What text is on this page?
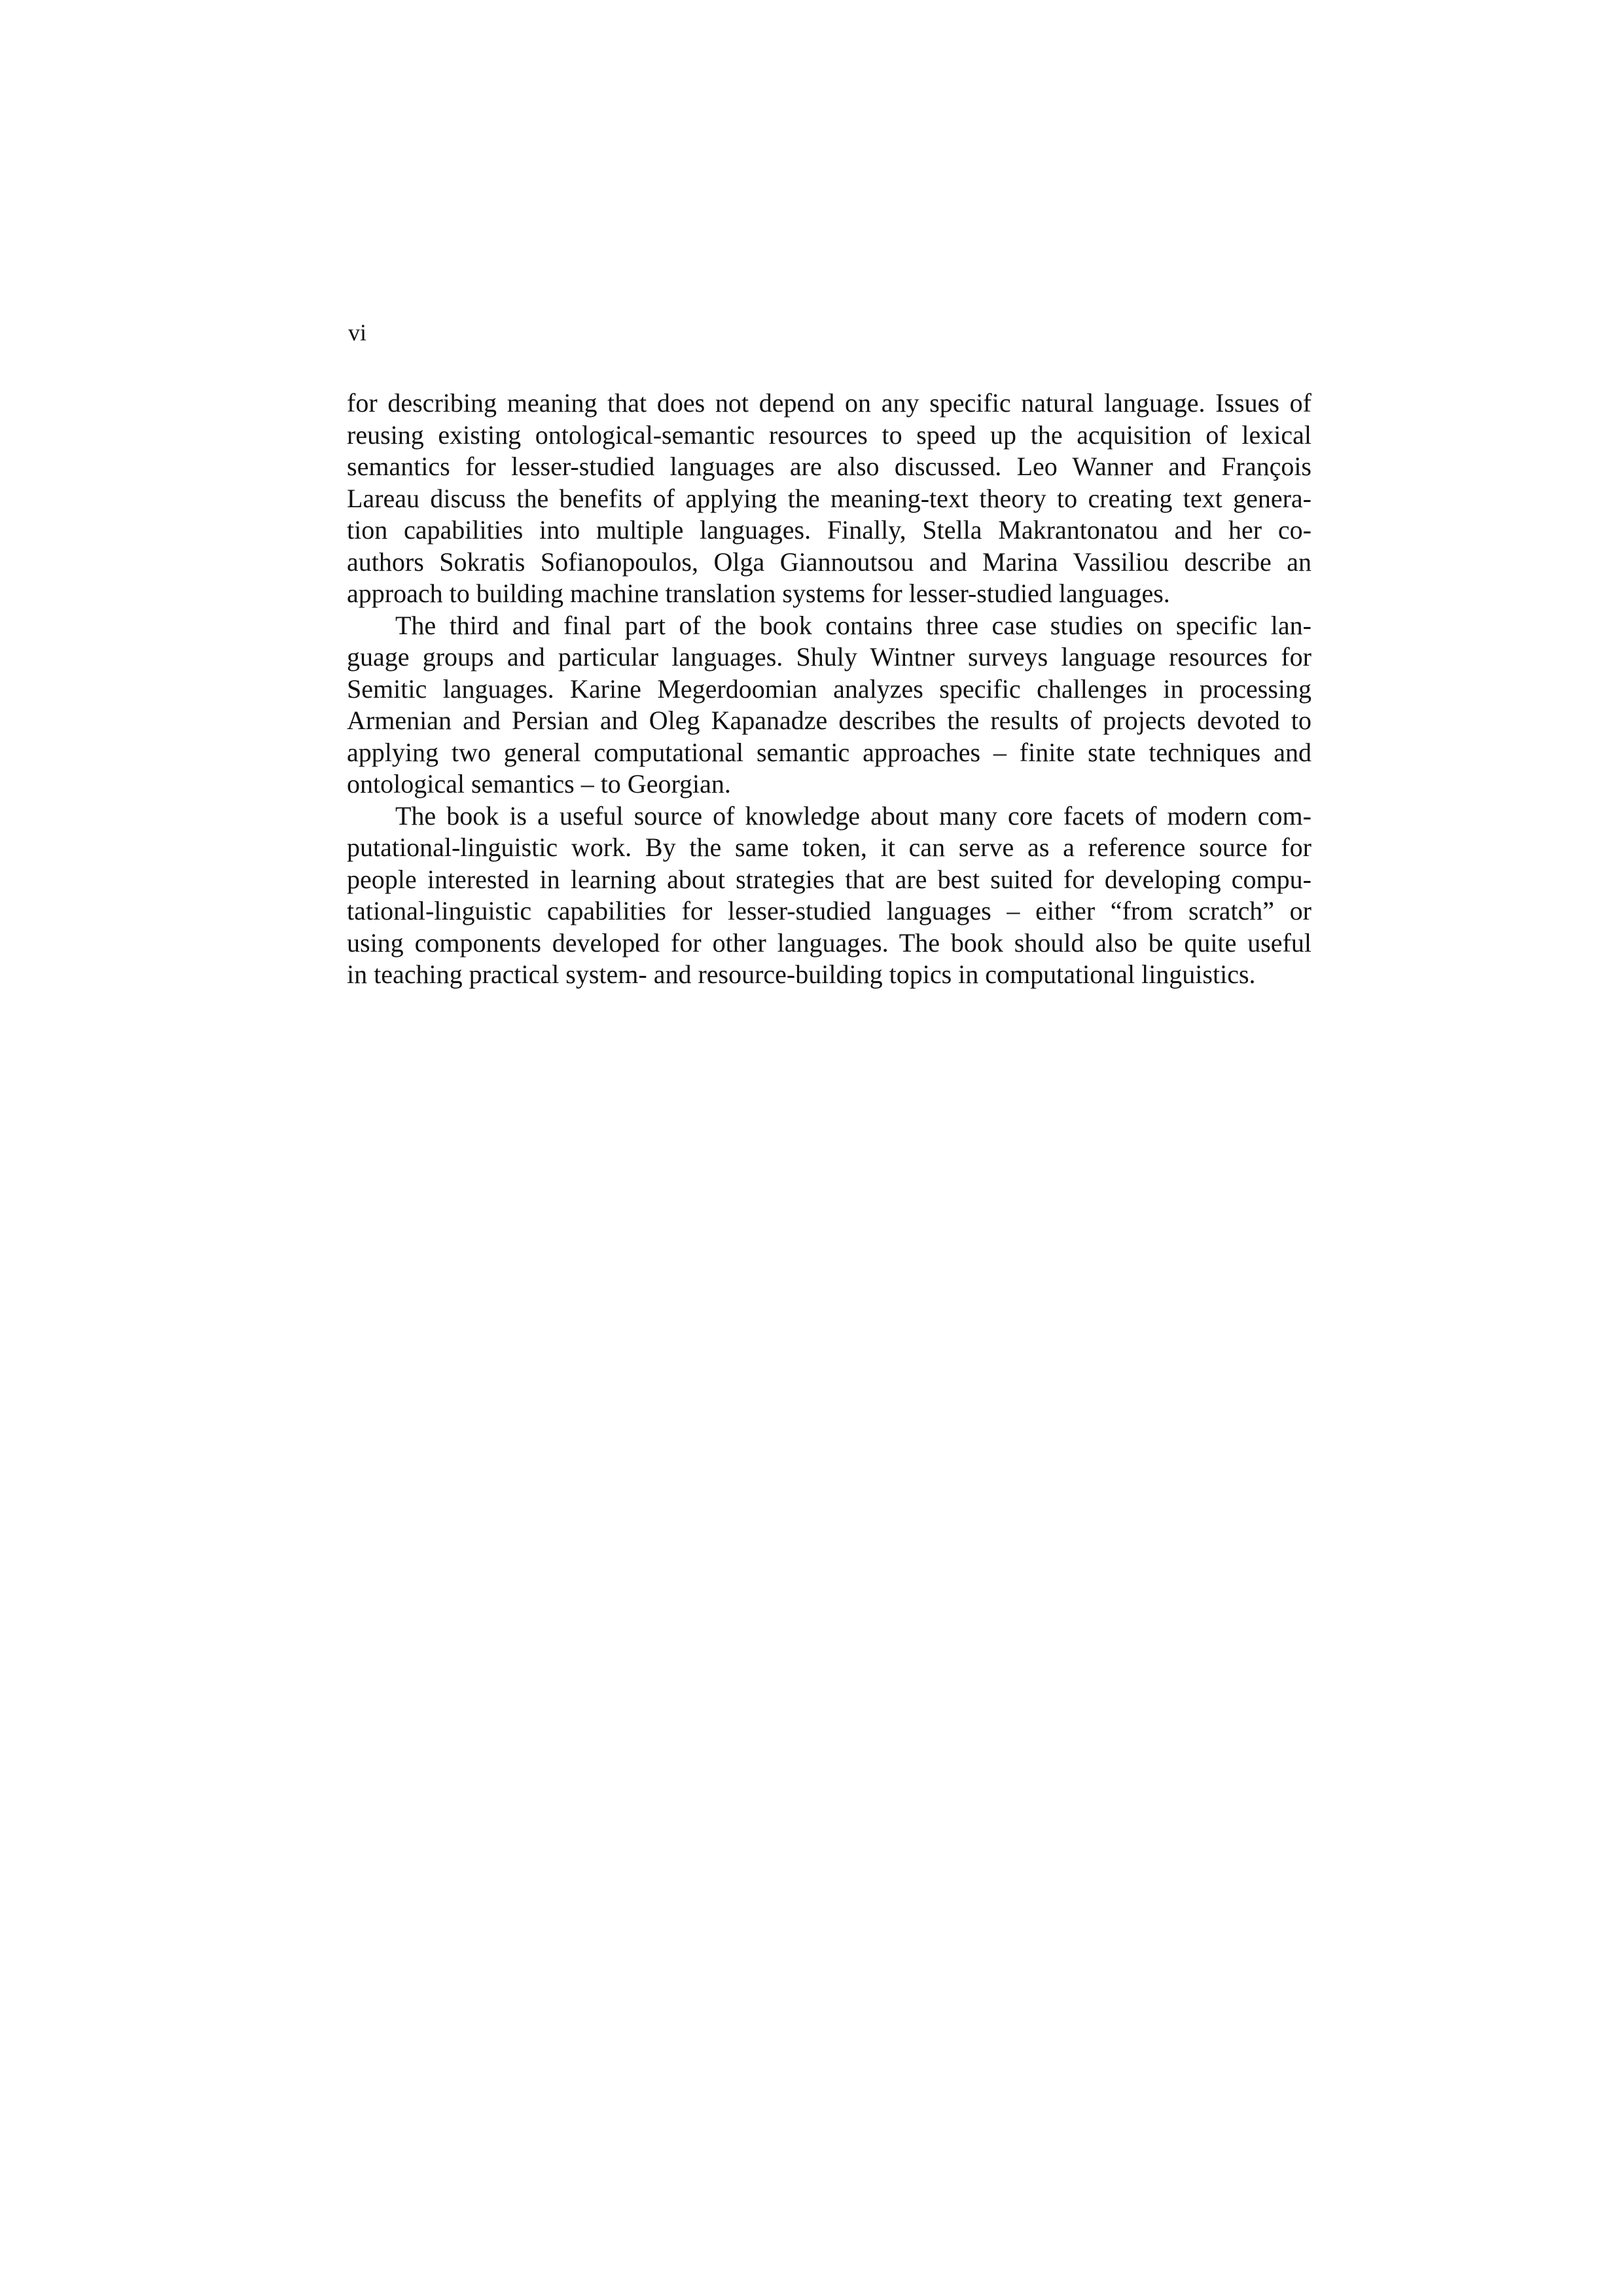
vi

for describing meaning that does not depend on any specific natural language. Issues of
reusing existing ontological-semantic resources to speed up the acquisition of lexical
semantics for lesser-studied languages are also discussed. Leo Wanner and François
Lareau discuss the benefits of applying the meaning-text theory to creating text genera-
tion capabilities into multiple languages. Finally, Stella Makrantonatou and her co-
authors Sokratis Sofianopoulos, Olga Giannoutsou and Marina Vassiliou describe an
approach to building machine translation systems for lesser-studied languages.

The third and final part of the book contains three case studies on specific lan-
guage groups and particular languages. Shuly Wintner surveys language resources for
Semitic languages. Karine Megerdoomian analyzes specific challenges in processing
Armenian and Persian and Oleg Kapanadze describes the results of projects devoted to
applying two general computational semantic approaches – finite state techniques and
ontological semantics – to Georgian.

The book is a useful source of knowledge about many core facets of modern com-
putational-linguistic work. By the same token, it can serve as a reference source for
people interested in learning about strategies that are best suited for developing compu-
tational-linguistic capabilities for lesser-studied languages – either “from scratch” or
using components developed for other languages. The book should also be quite useful
in teaching practical system- and resource-building topics in computational linguistics.
